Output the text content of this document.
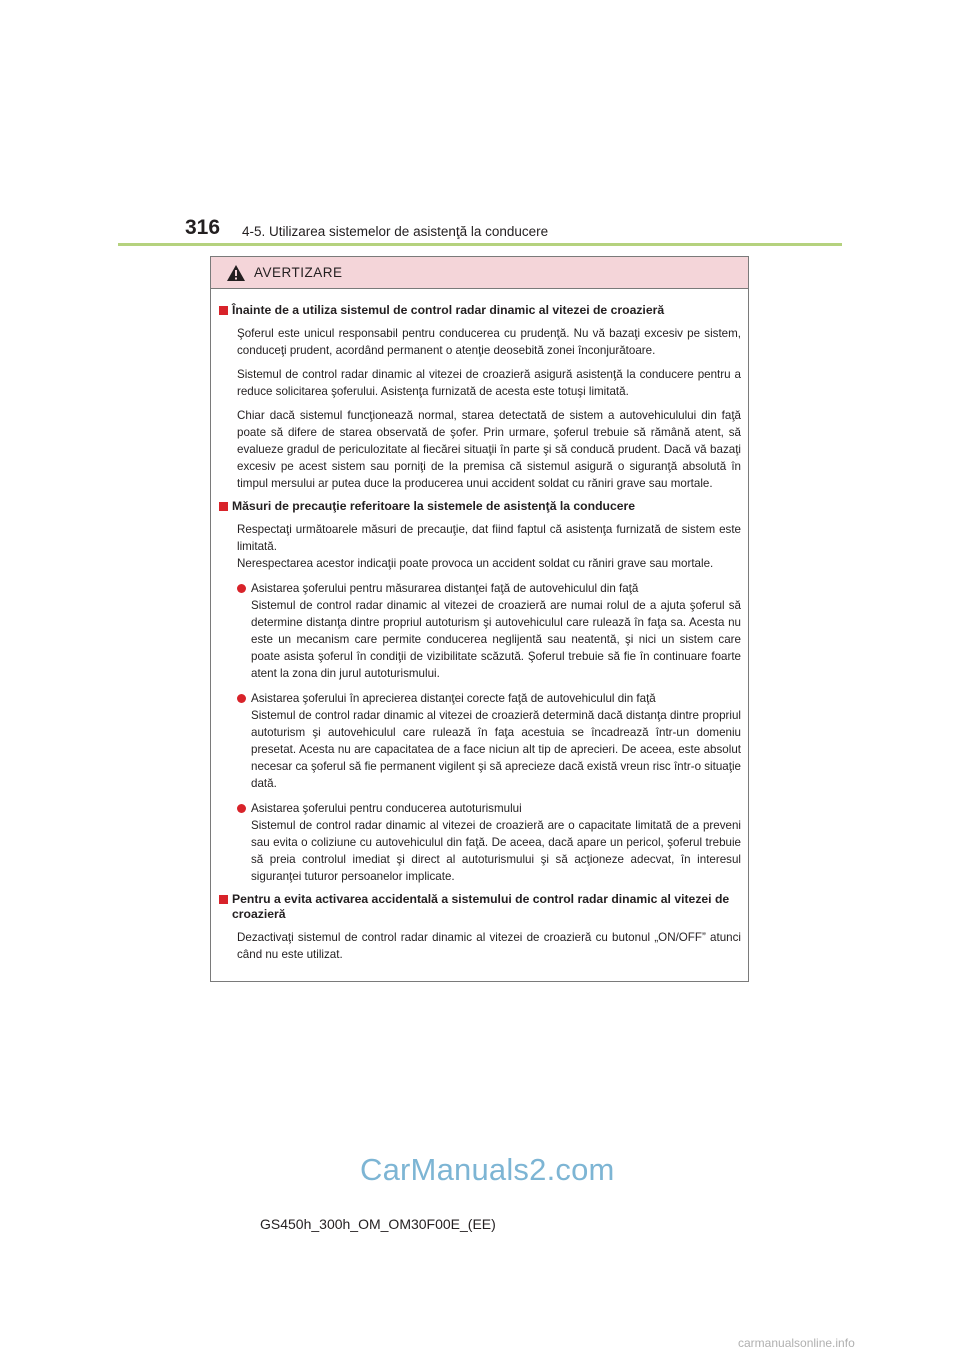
316 4-5. Utilizarea sistemelor de asistenţă la conducere
AVERTIZARE
Înainte de a utiliza sistemul de control radar dinamic al vitezei de croazieră

Şoferul este unicul responsabil pentru conducerea cu prudenţă. Nu vă bazaţi excesiv pe sistem, conduceţi prudent, acordând permanent o atenţie deosebită zonei înconjurătoare.

Sistemul de control radar dinamic al vitezei de croazieră asigură asistenţă la conducere pentru a reduce solicitarea şoferului. Asistenţa furnizată de acesta este totuşi limitată.

Chiar dacă sistemul funcţionează normal, starea detectată de sistem a autovehiculului din faţă poate să difere de starea observată de şofer. Prin urmare, şoferul trebuie să rămână atent, să evalueze gradul de periculozitate al fiecărei situaţii în parte şi să conducă prudent. Dacă vă bazaţi excesiv pe acest sistem sau porniţi de la premisa că sistemul asigură o siguranţă absolută în timpul mersului ar putea duce la producerea unui accident soldat cu răniri grave sau mortale.

Măsuri de precauţie referitoare la sistemele de asistenţă la conducere

Respectaţi următoarele măsuri de precauţie, dat fiind faptul că asistenţa furnizată de sistem este limitată.

Nerespectarea acestor indicaţii poate provoca un accident soldat cu răniri grave sau mortale.

Asistarea şoferului pentru măsurarea distanţei faţă de autovehiculul din faţă
Sistemul de control radar dinamic al vitezei de croazieră are numai rolul de a ajuta şoferul să determine distanţa dintre propriul autoturism şi autovehiculul care rulează în faţa sa. Acesta nu este un mecanism care permite conducerea neglijentă sau neatentă, şi nici un sistem care poate asista şoferul în condiţii de vizibilitate scăzută. Şoferul trebuie să fie în continuare foarte atent la zona din jurul autoturismului.
Asistarea şoferului în aprecierea distanţei corecte faţă de autovehiculul din faţă
Sistemul de control radar dinamic al vitezei de croazieră determină dacă distanţa dintre propriul autoturism şi autovehiculul care rulează în faţa acestuia se încadrează într-un domeniu presetat. Acesta nu are capacitatea de a face niciun alt tip de aprecieri. De aceea, este absolut necesar ca şoferul să fie permanent vigilent şi să aprecieze dacă există vreun risc într-o situaţie dată.
Asistarea şoferului pentru conducerea autoturismului
Sistemul de control radar dinamic al vitezei de croazieră are o capacitate limitată de a preveni sau evita o coliziune cu autovehiculul din faţă. De aceea, dacă apare un pericol, şoferul trebuie să preia controlul imediat şi direct al autoturismului şi să acţioneze adecvat, în interesul siguranţei tuturor persoanelor implicate.
Pentru a evita activarea accidentală a sistemului de control radar dinamic al vitezei de croazieră

Dezactivaţi sistemul de control radar dinamic al vitezei de croazieră cu butonul „ON/OFF” atunci când nu este utilizat.

CarManuals2.com
GS450h_300h_OM_OM30F00E_(EE)
carmanualsonline.info
